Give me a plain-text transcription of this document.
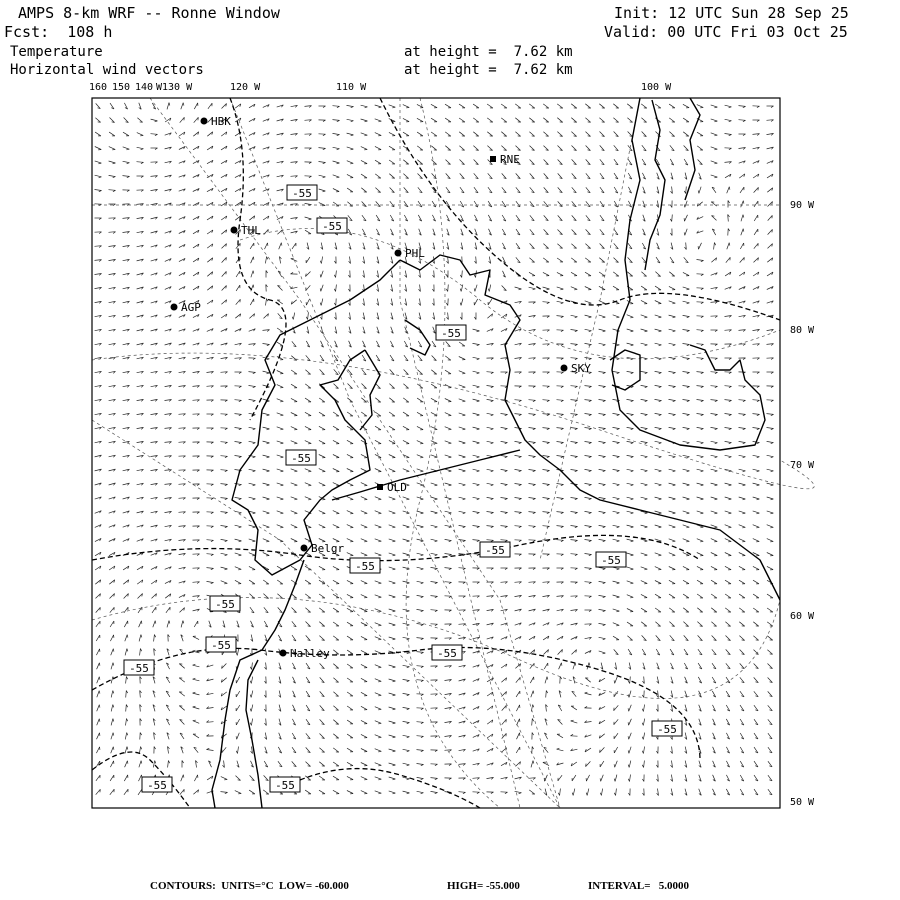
AMPS 8-km WRF -- Ronne Window
Fcst:  108 h
Temperature
Horizontal wind vectors
Init: 12 UTC Sun 28 Sep 25
Valid: 00 UTC Fri 03 Oct 25
at height =  7.62 km
at height =  7.62 km
160 150 140 W130 W	120 W	110 W	100 W
90 W
80 W
70 W
60 W
50 W
HBK
RNE
THL
PHL
AGP
SKY
OLD
Belgr
Halley
-55
-55
-55
-55
-55
-55
-55
-55
-55
-55
-55
-55
-55	-55
CONTOURS:  UNITS=°C  LOW= -60.000	HIGH= -55.000	INTERVAL=   5.0000
